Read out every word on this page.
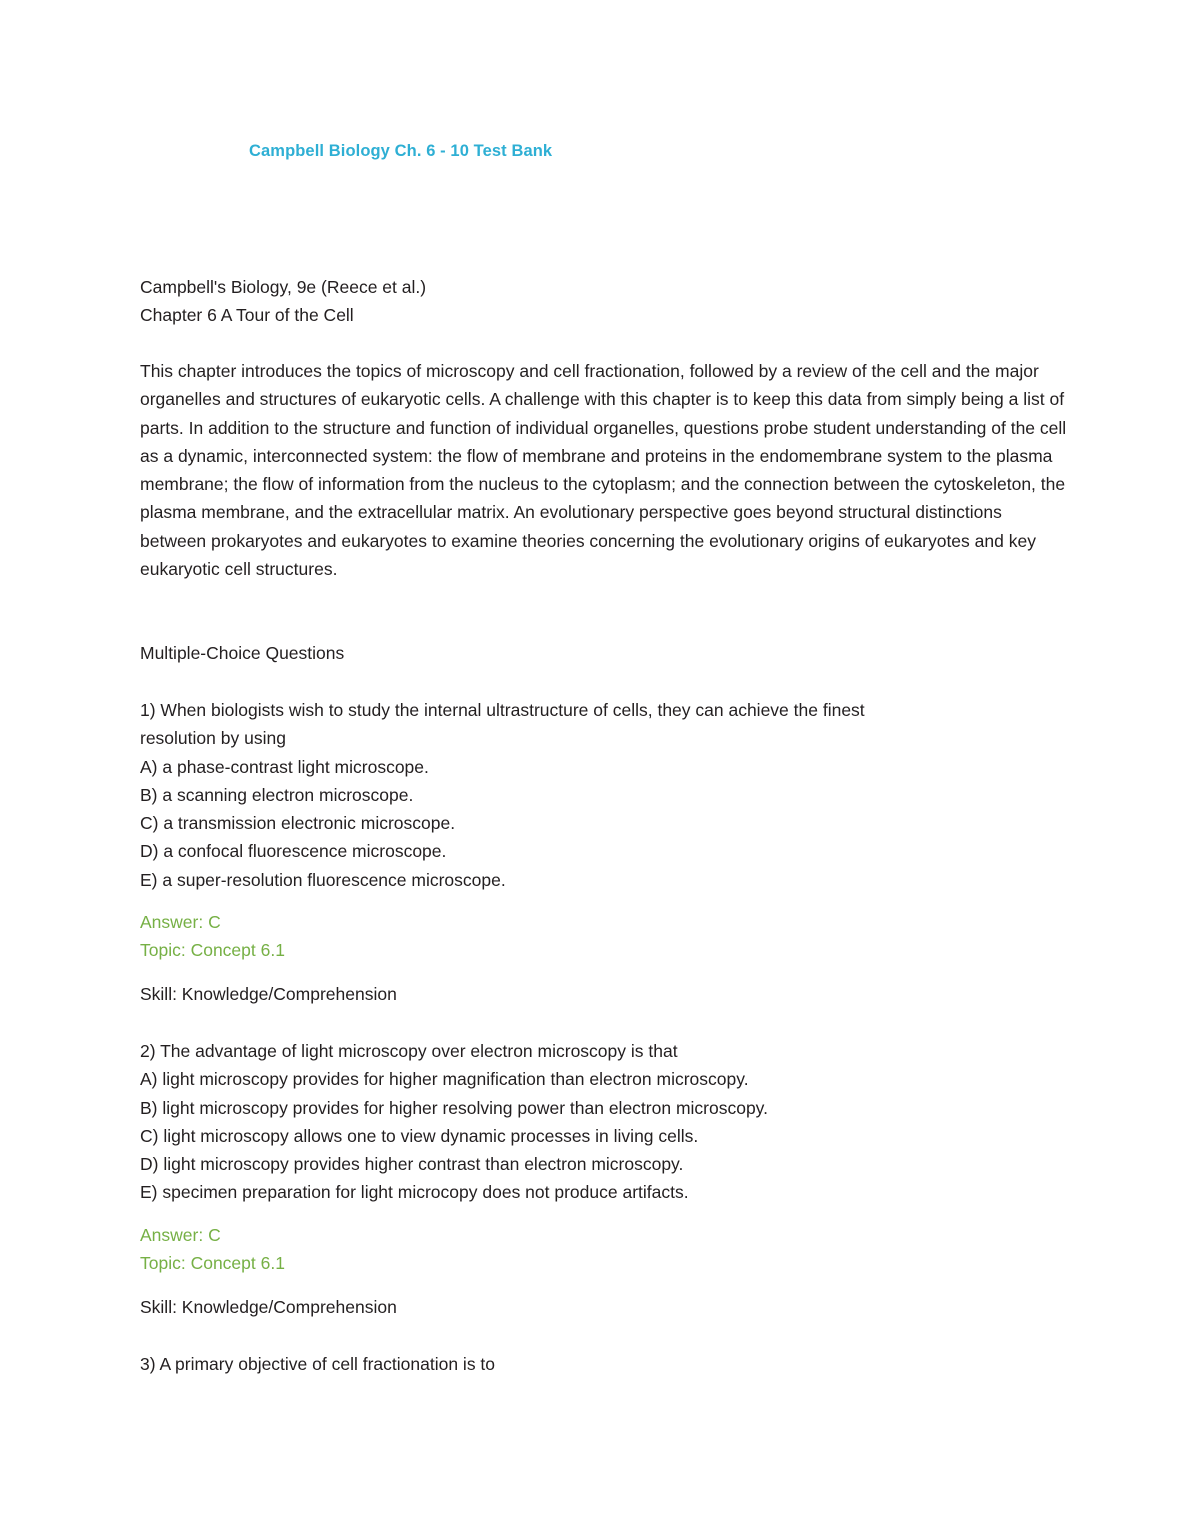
Campbell Biology Ch. 6 - 10 Test Bank

Campbell's Biology, 9e (Reece et al.)

Chapter 6 A Tour of the Cell

This chapter introduces the topics of microscopy and cell fractionation, followed by a review of the cell and the major organelles and structures of eukaryotic cells. A challenge with this chapter is to keep this data from simply being a list of parts. In addition to the structure and function of individual organelles, questions probe student understanding of the cell as a dynamic, interconnected system: the flow of membrane and proteins in the endomembrane system to the plasma membrane; the flow of information from the nucleus to the cytoplasm; and the connection between the cytoskeleton, the plasma membrane, and the extracellular matrix. An evolutionary perspective goes beyond structural distinctions between prokaryotes and eukaryotes to examine theories concerning the evolutionary origins of eukaryotes and key eukaryotic cell structures.

Multiple-Choice Questions

1) When biologists wish to study the internal ultrastructure of cells, they can achieve the finest

resolution by using

A) a phase-contrast light microscope.

B) a scanning electron microscope.

C) a transmission electronic microscope.

D) a confocal fluorescence microscope.

E) a super-resolution fluorescence microscope.

Answer: C

Topic: Concept 6.1

Skill: Knowledge/Comprehension

2) The advantage of light microscopy over electron microscopy is that

A) light microscopy provides for higher magnification than electron microscopy.

B) light microscopy provides for higher resolving power than electron microscopy.

C) light microscopy allows one to view dynamic processes in living cells.

D) light microscopy provides higher contrast than electron microscopy.

E) specimen preparation for light microcopy does not produce artifacts.

Answer: C

Topic: Concept 6.1

Skill: Knowledge/Comprehension

3) A primary objective of cell fractionation is to
